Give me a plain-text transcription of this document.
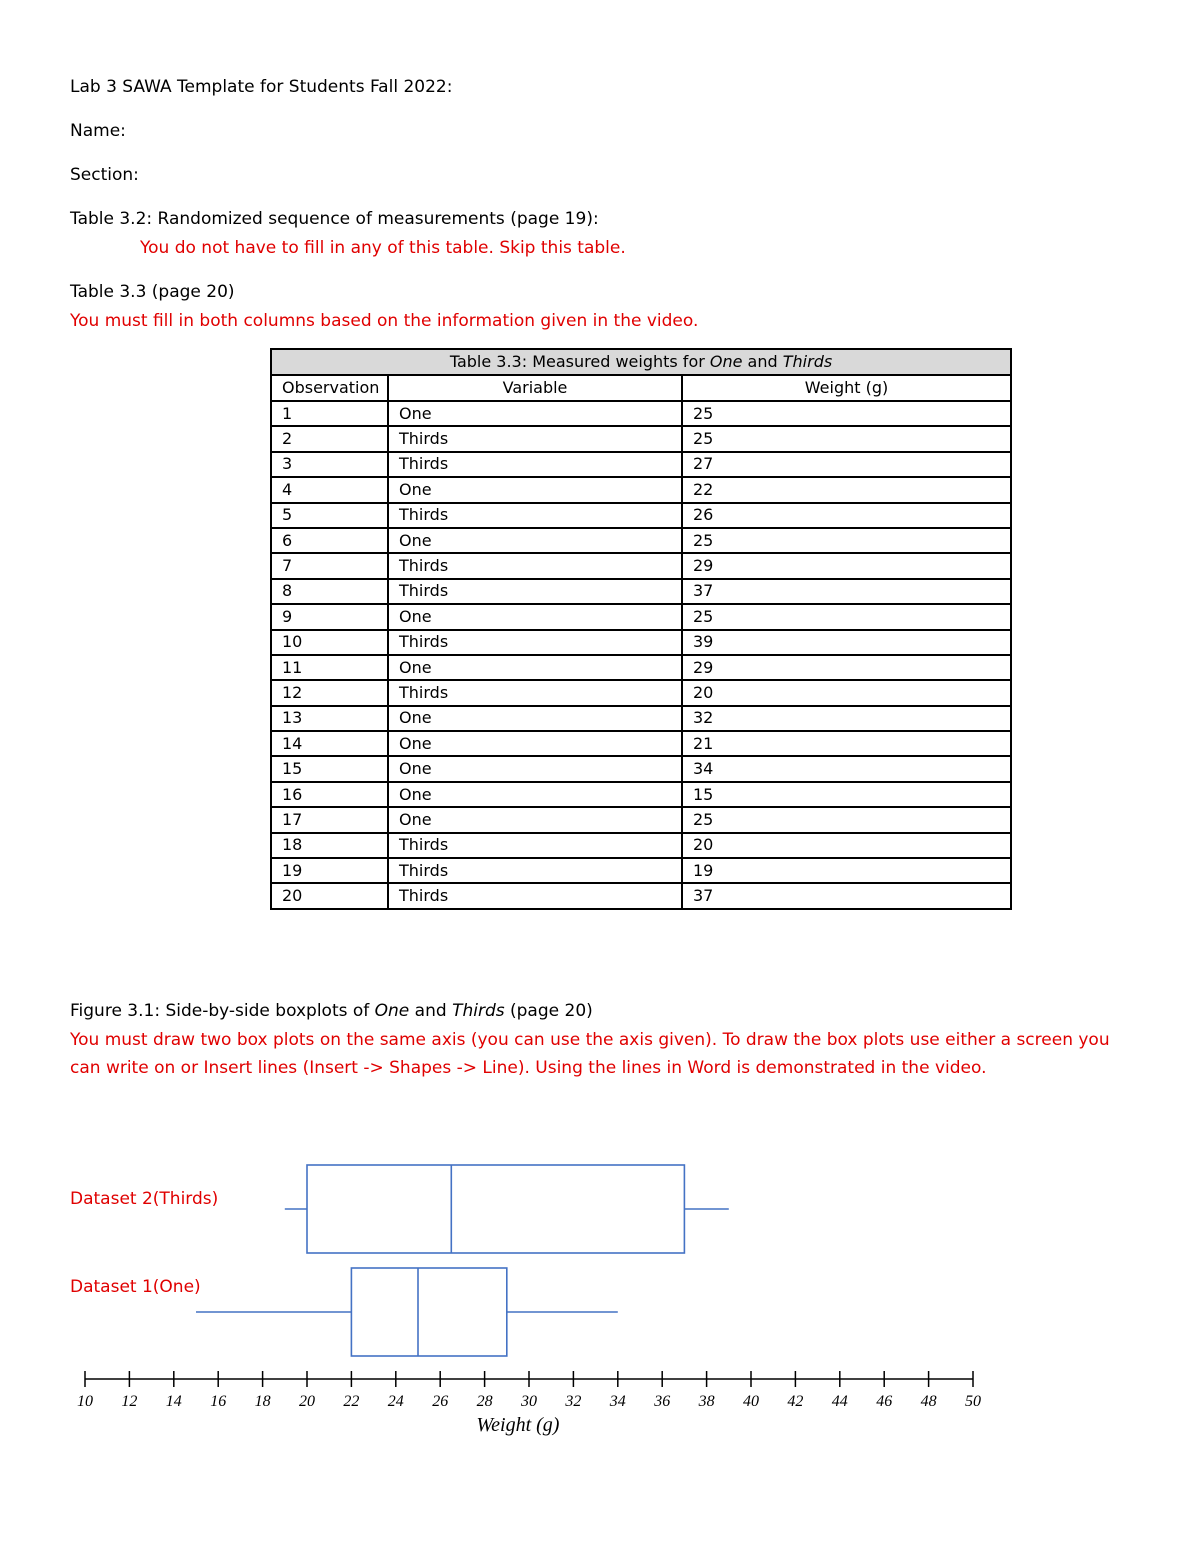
Lab 3 SAWA Template for Students Fall 2022:
Name:
Section:
Table 3.2: Randomized sequence of measurements (page 19):
You do not have to fill in any of this table. Skip this table.
Table 3.3 (page 20)
You must fill in both columns based on the information given in the video.
Table 3.3: Measured weights for One and Thirds		
Observation	Variable	Weight (g)
1	One	25
2	Thirds	25
3	Thirds	27
4	One	22
5	Thirds	26
6	One	25
7	Thirds	29
8	Thirds	37
9	One	25
10	Thirds	39
11	One	29
12	Thirds	20
13	One	32
14	One	21
15	One	34
16	One	15
17	One	25
18	Thirds	20
19	Thirds	19
20	Thirds	37
Figure 3.1: Side-by-side boxplots of One and Thirds (page 20)
You must draw two box plots on the same axis (you can use the axis given). To draw the box plots use either a screen you
can write on or Insert lines (Insert -> Shapes -> Line). Using the lines in Word is demonstrated in the video.
Dataset 2(Thirds)
Dataset 1(One)
10 12 14 16 18 20 22 24 26 28 30 32 34 36 38 40 42 44 46 48 50
Weight (g)
